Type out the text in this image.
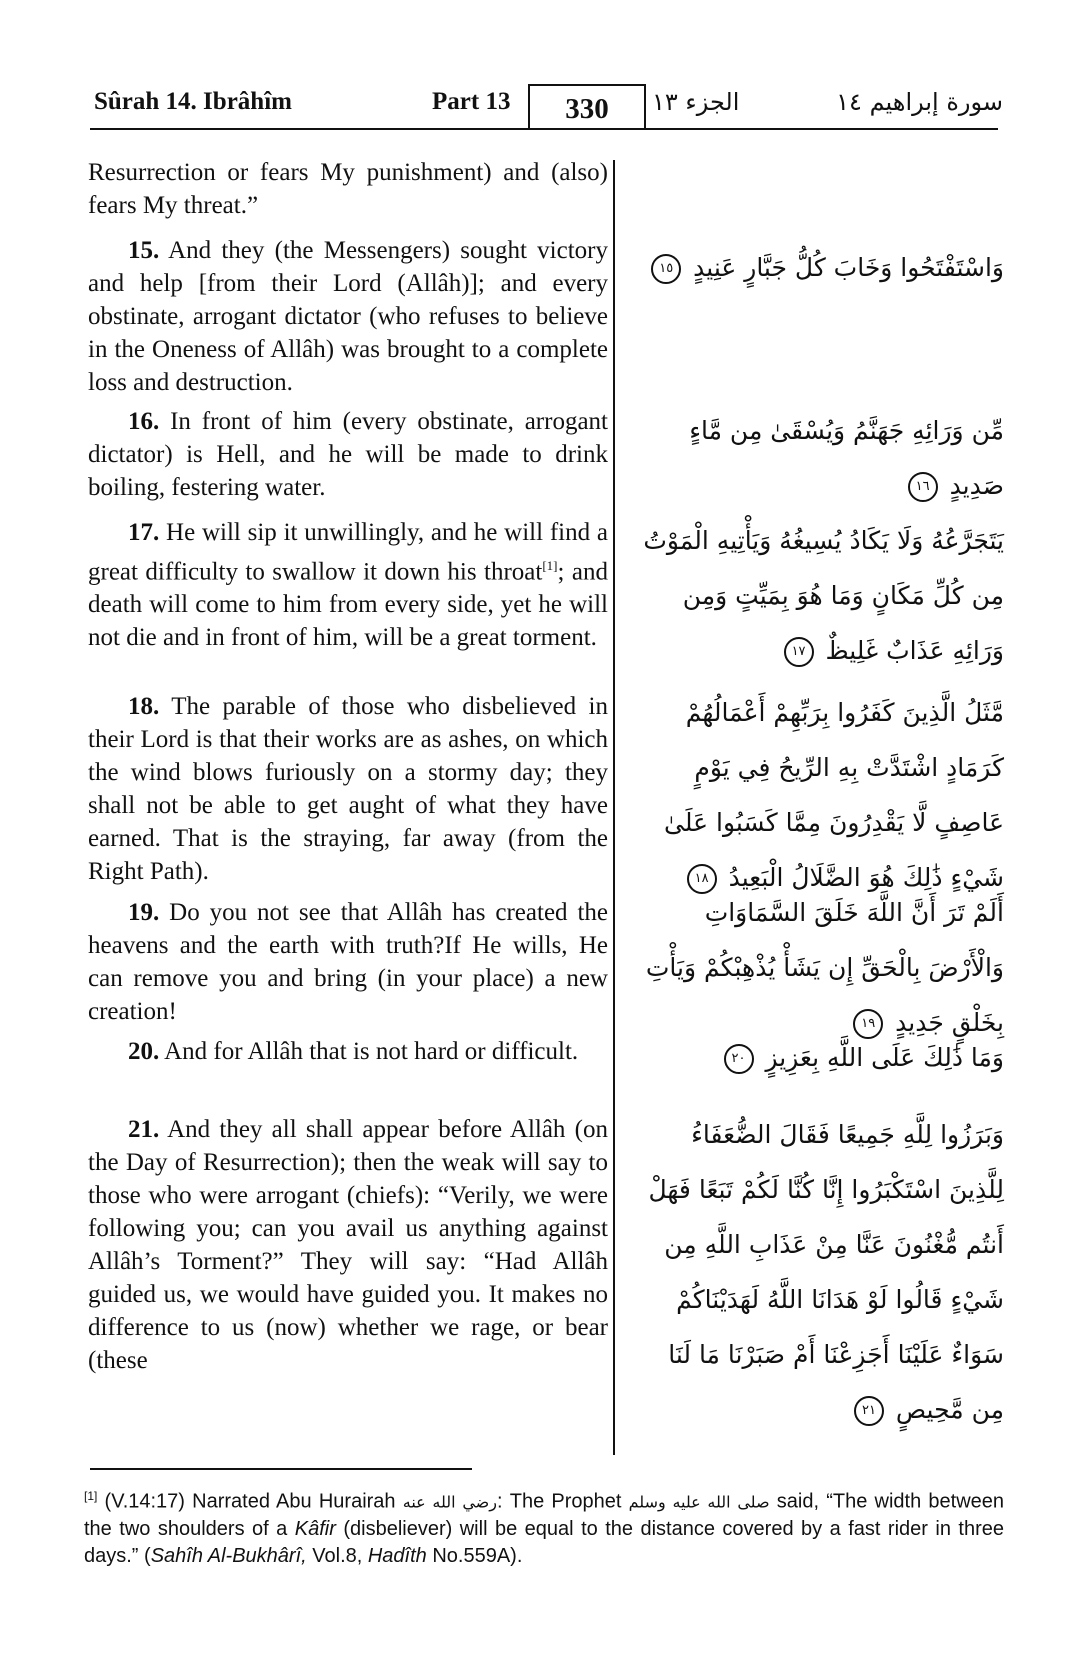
Sûrah 14. Ibrâhîm	Part 13	330	الجزء ١٣	سورة إبراهيم ١٤

Resurrection or fears My punishment) and (also) fears My threat.”

15. And they (the Messengers) sought victory and help [from their Lord (Allâh)]; and every obstinate, arrogant dictator (who refuses to believe in the Oneness of Allâh) was brought to a complete loss and destruction.

16. In front of him (every obstinate, arrogant dictator) is Hell, and he will be made to drink boiling, festering water.

17. He will sip it unwillingly, and he will find a great difficulty to swallow it down his throat[1]; and death will come to him from every side, yet he will not die and in front of him, will be a great torment.

18. The parable of those who disbelieved in their Lord is that their works are as ashes, on which the wind blows furiously on a stormy day; they shall not be able to get aught of what they have earned. That is the straying, far away (from the Right Path).

19. Do you not see that Allâh has created the heavens and the earth with truth?If He wills, He can remove you and bring (in your place) a new creation!

20. And for Allâh that is not hard or difficult.

21. And they all shall appear before Allâh (on the Day of Resurrection); then the weak will say to those who were arrogant (chiefs): “Verily, we were following you; can you avail us anything against Allâh’s Torment?” They will say: “Had Allâh guided us, we would have guided you. It makes no difference to us (now) whether we rage, or bear (these

وَاسْتَفْتَحُوا وَخَابَ كُلُّ جَبَّارٍ عَنِيدٍ ١٥
مِّن وَرَائِهِ جَهَنَّمُ وَيُسْقَىٰ مِن مَّاءٍ صَدِيدٍ ١٦
يَتَجَرَّعُهُ وَلَا يَكَادُ يُسِيغُهُ وَيَأْتِيهِ الْمَوْتُ مِن كُلِّ مَكَانٍ وَمَا هُوَ بِمَيِّتٍ وَمِن وَرَائِهِ عَذَابٌ غَلِيظٌ ١٧
مَّثَلُ الَّذِينَ كَفَرُوا بِرَبِّهِمْ أَعْمَالُهُمْ كَرَمَادٍ اشْتَدَّتْ بِهِ الرِّيحُ فِي يَوْمٍ عَاصِفٍ لَّا يَقْدِرُونَ مِمَّا كَسَبُوا عَلَىٰ شَيْءٍ ذَٰلِكَ هُوَ الضَّلَالُ الْبَعِيدُ ١٨
أَلَمْ تَرَ أَنَّ اللَّهَ خَلَقَ السَّمَاوَاتِ وَالْأَرْضَ بِالْحَقِّ إِن يَشَأْ يُذْهِبْكُمْ وَيَأْتِ بِخَلْقٍ جَدِيدٍ ١٩
وَمَا ذَٰلِكَ عَلَى اللَّهِ بِعَزِيزٍ ٢٠
وَبَرَزُوا لِلَّهِ جَمِيعًا فَقَالَ الضُّعَفَاءُ لِلَّذِينَ اسْتَكْبَرُوا إِنَّا كُنَّا لَكُمْ تَبَعًا فَهَلْ أَنتُم مُّغْنُونَ عَنَّا مِنْ عَذَابِ اللَّهِ مِن شَيْءٍ قَالُوا لَوْ هَدَانَا اللَّهُ لَهَدَيْنَاكُمْ سَوَاءٌ عَلَيْنَا أَجَزِعْنَا أَمْ صَبَرْنَا مَا لَنَا مِن مَّحِيصٍ ٢١
[1] (V.14:17) Narrated Abu Hurairah رضي الله عنه: The Prophet صلى الله عليه وسلم said, “The width between the two shoulders of a Kâfir (disbeliever) will be equal to the distance covered by a fast rider in three days.” (Sahîh Al-Bukhârî, Vol.8, Hadîth No.559A).
